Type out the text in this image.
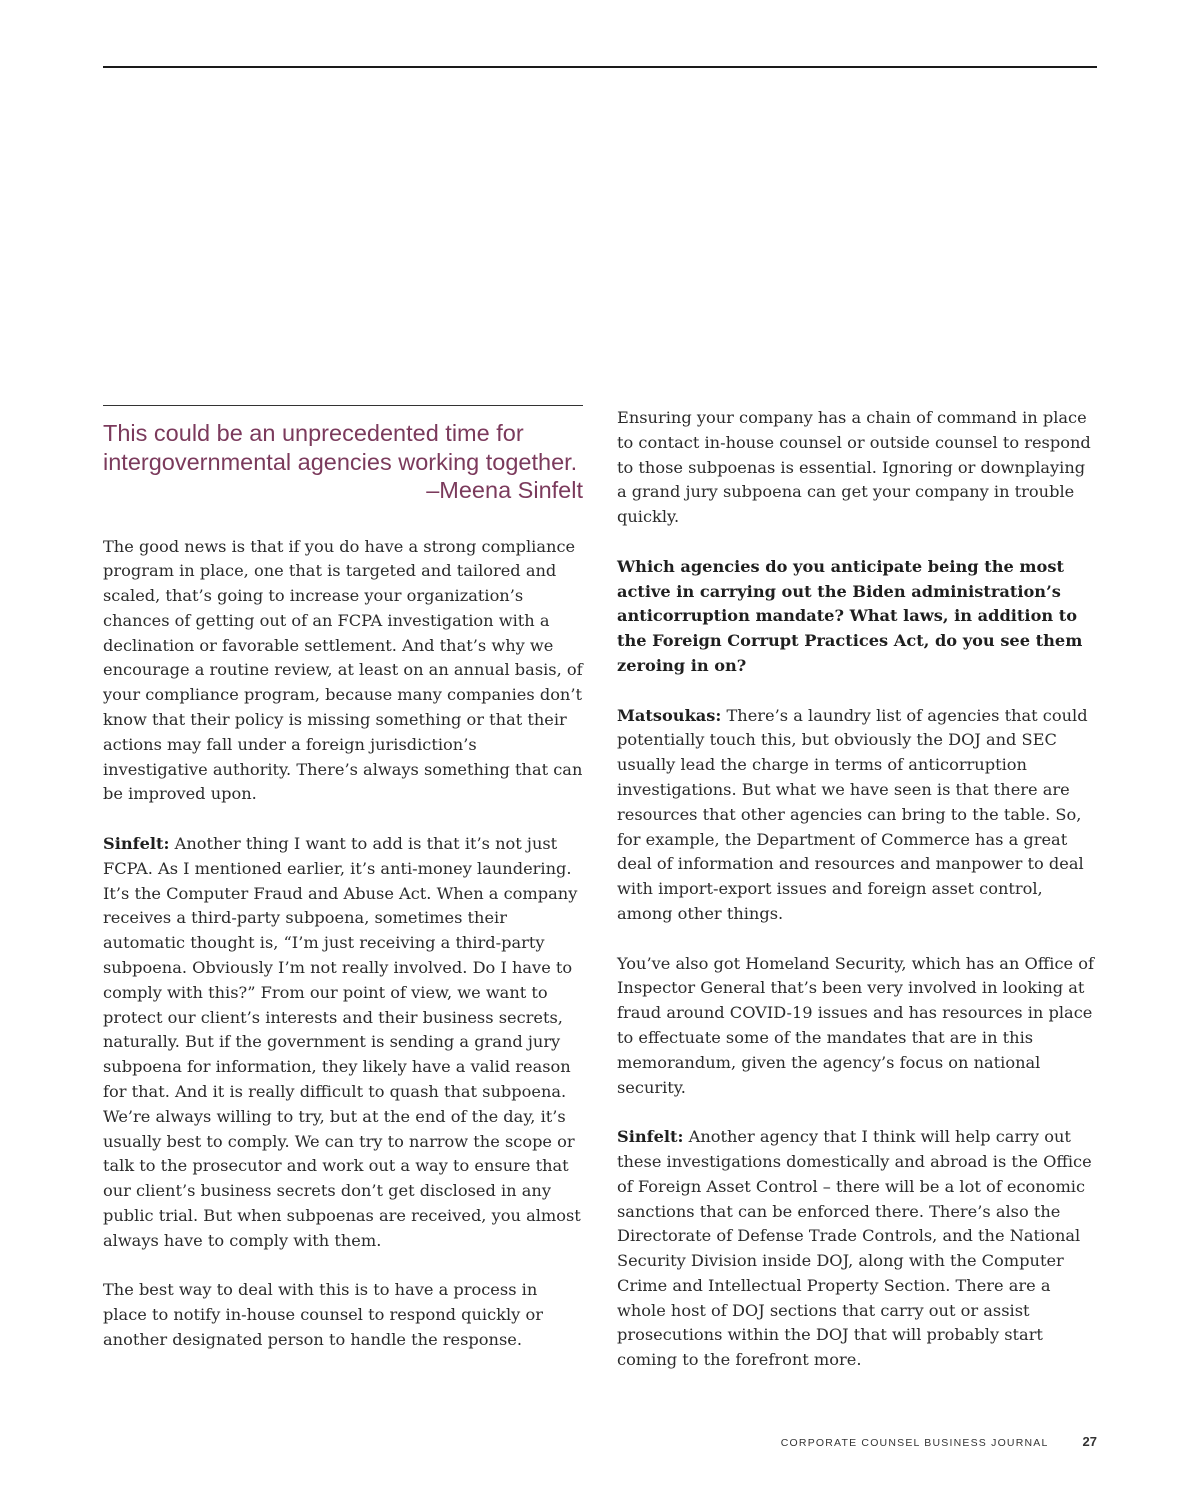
This could be an unprecedented time for intergovernmental agencies working together.

–Meena Sinfelt

The good news is that if you do have a strong compliance program in place, one that is targeted and tailored and scaled, that’s going to increase your organization’s chances of getting out of an FCPA investigation with a declination or favorable settlement. And that’s why we encourage a routine review, at least on an annual basis, of your compliance program, because many companies don’t know that their policy is missing something or that their actions may fall under a foreign jurisdiction’s investigative authority. There’s always something that can be improved upon.

Sinfelt: Another thing I want to add is that it’s not just FCPA. As I mentioned earlier, it’s anti-money laundering. It’s the Computer Fraud and Abuse Act. When a company receives a third-party subpoena, sometimes their automatic thought is, “I’m just receiving a third-party subpoena. Obviously I’m not really involved. Do I have to comply with this?” From our point of view, we want to protect our client’s interests and their business secrets, naturally. But if the government is sending a grand jury subpoena for information, they likely have a valid reason for that. And it is really difficult to quash that subpoena. We’re always willing to try, but at the end of the day, it’s usually best to comply. We can try to narrow the scope or talk to the prosecutor and work out a way to ensure that our client’s business secrets don’t get disclosed in any public trial. But when subpoenas are received, you almost always have to comply with them.

The best way to deal with this is to have a process in place to notify in-house counsel to respond quickly or another designated person to handle the response.

Ensuring your company has a chain of command in place to contact in-house counsel or outside counsel to respond to those subpoenas is essential. Ignoring or downplaying a grand jury subpoena can get your company in trouble quickly.

Which agencies do you anticipate being the most active in carrying out the Biden administration’s anticorruption mandate? What laws, in addition to the Foreign Corrupt Practices Act, do you see them zeroing in on?

Matsoukas: There’s a laundry list of agencies that could potentially touch this, but obviously the DOJ and SEC usually lead the charge in terms of anticorruption investigations. But what we have seen is that there are resources that other agencies can bring to the table. So, for example, the Department of Commerce has a great deal of information and resources and manpower to deal with import-export issues and foreign asset control, among other things.

You’ve also got Homeland Security, which has an Office of Inspector General that’s been very involved in looking at fraud around COVID-19 issues and has resources in place to effectuate some of the mandates that are in this memorandum, given the agency’s focus on national security.

Sinfelt: Another agency that I think will help carry out these investigations domestically and abroad is the Office of Foreign Asset Control – there will be a lot of economic sanctions that can be enforced there. There’s also the Directorate of Defense Trade Controls, and the National Security Division inside DOJ, along with the Computer Crime and Intellectual Property Section. There are a whole host of DOJ sections that carry out or assist prosecutions within the DOJ that will probably start coming to the forefront more.

CORPORATE COUNSEL BUSINESS JOURNAL	27
